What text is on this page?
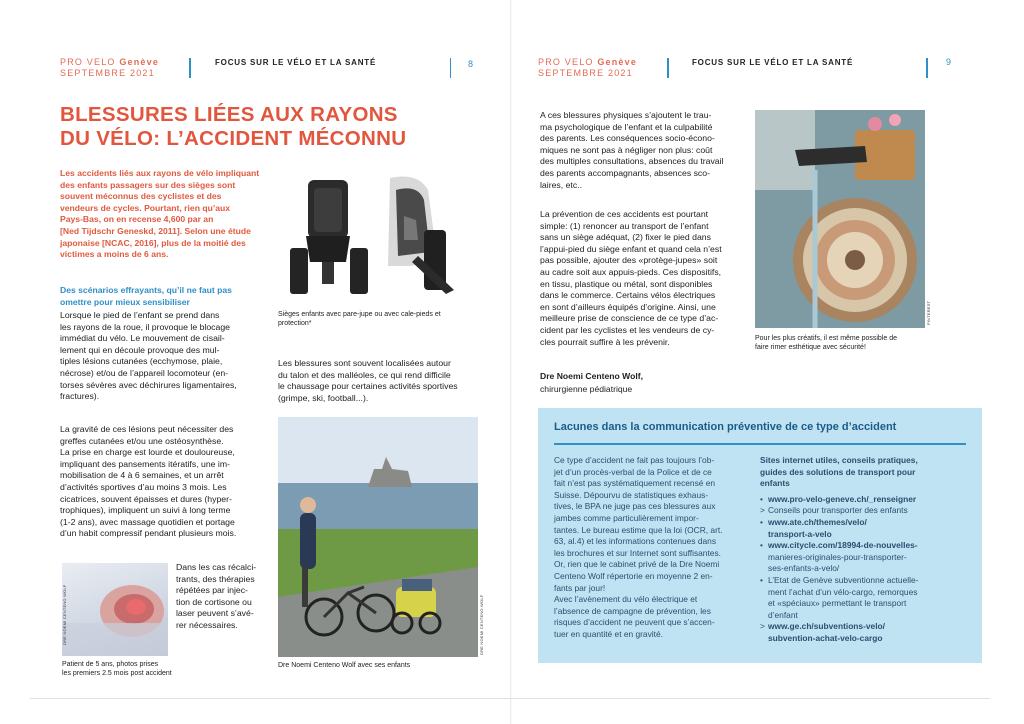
PRO VELO Genève
SEPTEMBRE 2021
FOCUS SUR LE VÉLO ET LA SANTÉ	8
BLESSURES LIÉES AUX RAYONS
DU VÉLO: L’ACCIDENT MÉCONNU
Les accidents liés aux rayons de vélo impliquant
des enfants passagers sur des sièges sont
souvent méconnus des cyclistes et des
vendeurs de cycles. Pourtant, rien qu’aux
Pays-Bas, on en recense 4,600 par an
[Ned Tijdschr Geneskd, 2011]. Selon une étude
japonaise [NCAC, 2016], plus de la moitié des
victimes a moins de 6 ans.
Des scénarios effrayants, qu’il ne faut pas
omettre pour mieux sensibiliser
Lorsque le pied de l’enfant se prend dans
les rayons de la roue, il provoque le blocage
immédiat du vélo. Le mouvement de cisail-
lement qui en découle provoque des mul-
tiples lésions cutanées (ecchymose, plaie,
nécrose) et/ou de l’appareil locomoteur (en-
torses sévères avec déchirures ligamentaires,
fractures).
La gravité de ces lésions peut nécessiter des
greffes cutanées et/ou une ostéosynthèse.
La prise en charge est lourde et douloureuse,
impliquant des pansements itératifs, une im-
mobilisation de 4 à 6 semaines, et un arrêt
d’activités sportives d’au moins 3 mois. Les
cicatrices, souvent épaisses et dures (hyper-
trophiques), impliquent un suivi à long terme
(1-2 ans), avec massage quotidien et portage
d’un habit compressif pendant plusieurs mois.
Dans les cas récalci-
trants, des thérapies
répétées par injec-
tion de cortisone ou
laser peuvent s’avé-
rer nécessaires.
DRE NOEMI CENTENO WOLF
Patient de 5 ans, photos prises
les premiers 2.5 mois post accident
Sièges enfants avec pare-jupe ou avec cale-pieds et
protection*
Les blessures sont souvent localisées autour
du talon et des malléoles, ce qui rend difficile
le chaussage pour certaines activités sportives
(grimpe, ski, football...).
DRE NOEMI CENTENO WOLF
Dre Noemi Centeno Wolf avec ses enfants
PRO VELO Genève
SEPTEMBRE 2021
FOCUS SUR LE VÉLO ET LA SANTÉ	9
A ces blessures physiques s’ajoutent le trau-
ma psychologique de l’enfant et la culpabilité
des parents. Les conséquences socio-écono-
miques ne sont pas à négliger non plus: coût
des multiples consultations, absences du travail
des parents accompagnants, absences sco-
laires, etc..
La prévention de ces accidents est pourtant
simple: (1) renoncer au transport de l’enfant
sans un siège adéquat, (2) fixer le pied dans
l’appui-pied du siège enfant et quand cela n’est
pas possible, ajouter des «protège-jupes» soit
au cadre soit aux appuis-pieds. Ces dispositifs,
en tissu, plastique ou métal, sont disponibles
dans le commerce. Certains vélos électriques
en sont d’ailleurs équipés d’origine. Ainsi, une
meilleure prise de conscience de ce type d’ac-
cident par les cyclistes et les vendeurs de cy-
cles pourrait suffire à les prévenir.
Dre Noemi Centeno Wolf,
chirurgienne pédiatrique
PINTEREST
Pour les plus créatifs, il est même possible de
faire rimer esthétique avec sécurité!
Lacunes dans la communication préventive de ce type d’accident
Ce type d’accident ne fait pas toujours l’ob-
jet d’un procès-verbal de la Police et de ce
fait n’est pas systématiquement recensé en
Suisse. Dépourvu de statistiques exhaus-
tives, le BPA ne juge pas ces blessures aux
jambes comme particulièrement impor-
tantes. Le bureau estime que la loi (OCR, art.
63, al.4) et les informations contenues dans
les brochures et sur Internet sont suffisantes.
Or, rien que le cabinet privé de la Dre Noemi
Centeno Wolf répertorie en moyenne 2 en-
fants par jour!
Avec l’avènement du vélo électrique et
l’absence de campagne de prévention, les
risques d’accident ne peuvent que s’accen-
tuer en quantité et en gravité.
Sites internet utiles, conseils pratiques,
guides des solutions de transport pour
enfants
• www.pro-velo-geneve.ch/_renseigner
> Conseils pour transporter des enfants
• www.ate.ch/themes/velo/
transport-a-velo
• www.citycle.com/18994-de-nouvelles-
manieres-originales-pour-transporter-
ses-enfants-a-velo/
• L’Etat de Genève subventionne actuelle-
ment l’achat d’un vélo-cargo, remorques
et «spéciaux» permettant le transport
d’enfant
> www.ge.ch/subventions-velo/
subvention-achat-velo-cargo
